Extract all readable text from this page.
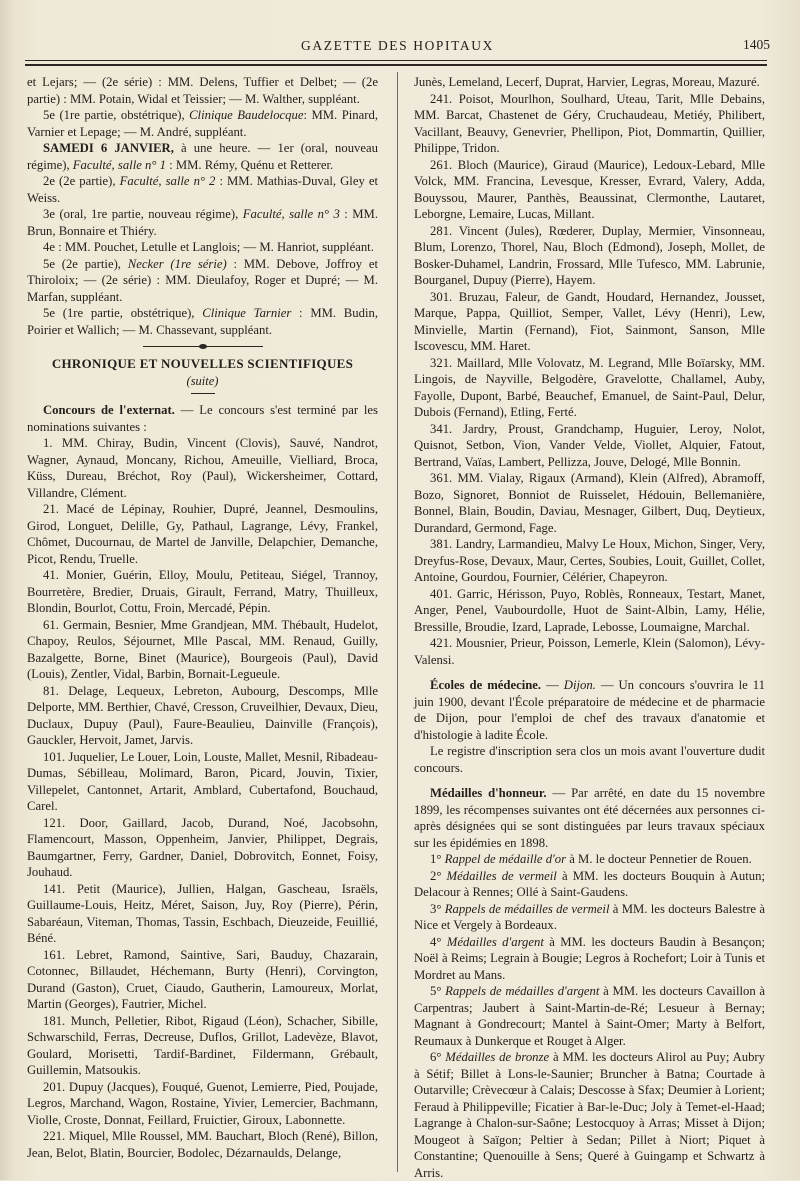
GAZETTE DES HOPITAUX	1405

et Lejars; — (2e série) : MM. Delens, Tuffier et Delbet; — (2e partie) : MM. Potain, Widal et Teissier; — M. Walther, suppléant.

5e (1re partie, obstétrique), Clinique Baudelocque: MM. Pinard, Varnier et Lepage; — M. André, suppléant.

SAMEDI 6 JANVIER, à une heure. — 1er (oral, nouveau régime), Faculté, salle n° 1 : MM. Rémy, Quénu et Retterer.

2e (2e partie), Faculté, salle n° 2 : MM. Mathias-Duval, Gley et Weiss.

3e (oral, 1re partie, nouveau régime), Faculté, salle n° 3 : MM. Brun, Bonnaire et Thiéry.

4e : MM. Pouchet, Letulle et Langlois; — M. Hanriot, suppléant.

5e (2e partie), Necker (1re série) : MM. Debove, Joffroy et Thiroloix; — (2e série) : MM. Dieulafoy, Roger et Dupré; — M. Marfan, suppléant.

5e (1re partie, obstétrique), Clinique Tarnier : MM. Budin, Poirier et Wallich; — M. Chassevant, suppléant.

CHRONIQUE ET NOUVELLES SCIENTIFIQUES
(suite)

Concours de l'externat. — Le concours s'est terminé par les nominations suivantes :

1. MM. Chiray, Budin, Vincent (Clovis), Sauvé, Nandrot, Wagner, Aynaud, Moncany, Richou, Ameuille, Vielliard, Broca, Küss, Dureau, Bréchot, Roy (Paul), Wickersheimer, Cottard, Villandre, Clément.

21. Macé de Lépinay, Rouhier, Dupré, Jeannel, Desmoulins, Girod, Longuet, Delille, Gy, Pathaul, Lagrange, Lévy, Frankel, Chômet, Ducournau, de Martel de Janville, Delapchier, Demanche, Picot, Rendu, Truelle.

41. Monier, Guérin, Elloy, Moulu, Petiteau, Siégel, Trannoy, Bourretère, Bredier, Druais, Girault, Ferrand, Matry, Thuilleux, Blondin, Bourlot, Cottu, Froin, Mercadé, Pépin.

61. Germain, Besnier, Mme Grandjean, MM. Thébault, Hudelot, Chapoy, Reulos, Séjournet, Mlle Pascal, MM. Renaud, Guilly, Bazalgette, Borne, Binet (Maurice), Bourgeois (Paul), David (Louis), Zentler, Vidal, Barbin, Bornait-Legueule.

81. Delage, Lequeux, Lebreton, Aubourg, Descomps, Mlle Delporte, MM. Berthier, Chavé, Cresson, Cruveilhier, Devaux, Dieu, Duclaux, Dupuy (Paul), Faure-Beaulieu, Dainville (François), Gauckler, Hervoit, Jamet, Jarvis.

101. Juquelier, Le Louer, Loin, Louste, Mallet, Mesnil, Ribadeau-Dumas, Sébilleau, Molimard, Baron, Picard, Jouvin, Tixier, Villepelet, Cantonnet, Artarit, Amblard, Cubertafond, Bouchaud, Carel.

121. Door, Gaillard, Jacob, Durand, Noé, Jacobsohn, Flamencourt, Masson, Oppenheim, Janvier, Philippet, Degrais, Baumgartner, Ferry, Gardner, Daniel, Dobrovitch, Eonnet, Foisy, Jouhaud.

141. Petit (Maurice), Jullien, Halgan, Gascheau, Israëls, Guillaume-Louis, Heitz, Méret, Saison, Juy, Roy (Pierre), Périn, Sabaréaun, Viteman, Thomas, Tassin, Eschbach, Dieuzeide, Feuillié, Béné.

161. Lebret, Ramond, Saintive, Sari, Bauduy, Chazarain, Cotonnec, Billaudet, Héchemann, Burty (Henri), Corvington, Durand (Gaston), Cruet, Ciaudo, Gautherin, Lamoureux, Morlat, Martin (Georges), Fautrier, Michel.

181. Munch, Pelletier, Ribot, Rigaud (Léon), Schacher, Sibille, Schwarschild, Ferras, Decreuse, Duflos, Grillot, Ladevèze, Blavot, Goulard, Morisetti, Tardif-Bardinet, Fildermann, Grébault, Guillemin, Matsoukis.

201. Dupuy (Jacques), Fouqué, Guenot, Lemierre, Pied, Poujade, Legros, Marchand, Wagon, Rostaine, Yivier, Lemercier, Bachmann, Violle, Croste, Donnat, Feillard, Fruictier, Giroux, Labonnette.

221. Miquel, Mlle Roussel, MM. Bauchart, Bloch (René), Billon, Jean, Belot, Blatin, Bourcier, Bodolec, Dézarnaulds, Delange,

Junès, Lemeland, Lecerf, Duprat, Harvier, Legras, Moreau, Mazuré.

241. Poisot, Mourlhon, Soulhard, Uteau, Tarit, Mlle Debains, MM. Barcat, Chastenet de Géry, Cruchaudeau, Metiéy, Philibert, Vacillant, Beauvy, Genevrier, Phellipon, Piot, Dommartin, Quillier, Philippe, Tridon.

261. Bloch (Maurice), Giraud (Maurice), Ledoux-Lebard, Mlle Volck, MM. Francina, Levesque, Kresser, Evrard, Valery, Adda, Bouyssou, Maurer, Panthès, Beaussinat, Clermonthe, Lautaret, Leborgne, Lemaire, Lucas, Millant.

281. Vincent (Jules), Rœderer, Duplay, Mermier, Vinsonneau, Blum, Lorenzo, Thorel, Nau, Bloch (Edmond), Joseph, Mollet, de Bosker-Duhamel, Landrin, Frossard, Mlle Tufesco, MM. Labrunie, Bourganel, Dupuy (Pierre), Hayem.

301. Bruzau, Faleur, de Gandt, Houdard, Hernandez, Jousset, Marque, Pappa, Quilliot, Semper, Vallet, Lévy (Henri), Lew, Minvielle, Martin (Fernand), Fiot, Sainmont, Sanson, Mlle Iscovescu, MM. Haret.

321. Maillard, Mlle Volovatz, M. Legrand, Mlle Boïarsky, MM. Lingois, de Nayville, Belgodère, Gravelotte, Challamel, Auby, Fayolle, Dupont, Barbé, Beauchef, Emanuel, de Saint-Paul, Delur, Dubois (Fernand), Etling, Ferté.

341. Jardry, Proust, Grandchamp, Huguier, Leroy, Nolot, Quisnot, Setbon, Vion, Vander Velde, Viollet, Alquier, Fatout, Bertrand, Vaïas, Lambert, Pellizza, Jouve, Delogé, Mlle Bonnin.

361. MM. Vialay, Rigaux (Armand), Klein (Alfred), Abramoff, Bozo, Signoret, Bonniot de Ruisselet, Hédouin, Bellemanière, Bonnel, Blain, Boudin, Daviau, Mesnager, Gilbert, Duq, Deytieux, Durandard, Germond, Fage.

381. Landry, Larmandieu, Malvy Le Houx, Michon, Singer, Very, Dreyfus-Rose, Devaux, Maur, Certes, Soubies, Louit, Guillet, Collet, Antoine, Gourdou, Fournier, Célérier, Chapeyron.

401. Garric, Hérisson, Puyo, Roblès, Ronneaux, Testart, Manet, Anger, Penel, Vaubourdolle, Huot de Saint-Albin, Lamy, Hélie, Bressille, Broudie, Izard, Laprade, Lebosse, Loumaigne, Marchal.

421. Mousnier, Prieur, Poisson, Lemerle, Klein (Salomon), Lévy-Valensi.

Écoles de médecine. — Dijon. — Un concours s'ouvrira le 11 juin 1900, devant l'École préparatoire de médecine et de pharmacie de Dijon, pour l'emploi de chef des travaux d'anatomie et d'histologie à ladite École.

Le registre d'inscription sera clos un mois avant l'ouverture dudit concours.

Médailles d'honneur. — Par arrêté, en date du 15 novembre 1899, les récompenses suivantes ont été décernées aux personnes ci-après désignées qui se sont distinguées par leurs travaux spéciaux sur les épidémies en 1898.

1° Rappel de médaille d'or à M. le docteur Pennetier de Rouen.

2° Médailles de vermeil à MM. les docteurs Bouquin à Autun; Delacour à Rennes; Ollé à Saint-Gaudens.

3° Rappels de médailles de vermeil à MM. les docteurs Balestre à Nice et Vergely à Bordeaux.

4° Médailles d'argent à MM. les docteurs Baudin à Besançon; Noël à Reims; Legrain à Bougie; Legros à Rochefort; Loir à Tunis et Mordret au Mans.

5° Rappels de médailles d'argent à MM. les docteurs Cavaillon à Carpentras; Jaubert à Saint-Martin-de-Ré; Lesueur à Bernay; Magnant à Gondrecourt; Mantel à Saint-Omer; Marty à Belfort, Reumaux à Dunkerque et Rouget à Alger.

6° Médailles de bronze à MM. les docteurs Alirol au Puy; Aubry à Sétif; Billet à Lons-le-Saunier; Bruncher à Batna; Courtade à Outarville; Crèvecœur à Calais; Descosse à Sfax; Deumier à Lorient; Feraud à Philippeville; Ficatier à Bar-le-Duc; Joly à Temet-el-Haad; Lagrange à Chalon-sur-Saône; Lestocquoy à Arras; Misset à Dijon; Mougeot à Saïgon; Peltier à Sedan; Pillet à Niort; Piquet à Constantine; Quenouille à Sens; Queré à Guingamp et Schwartz à Arris.
